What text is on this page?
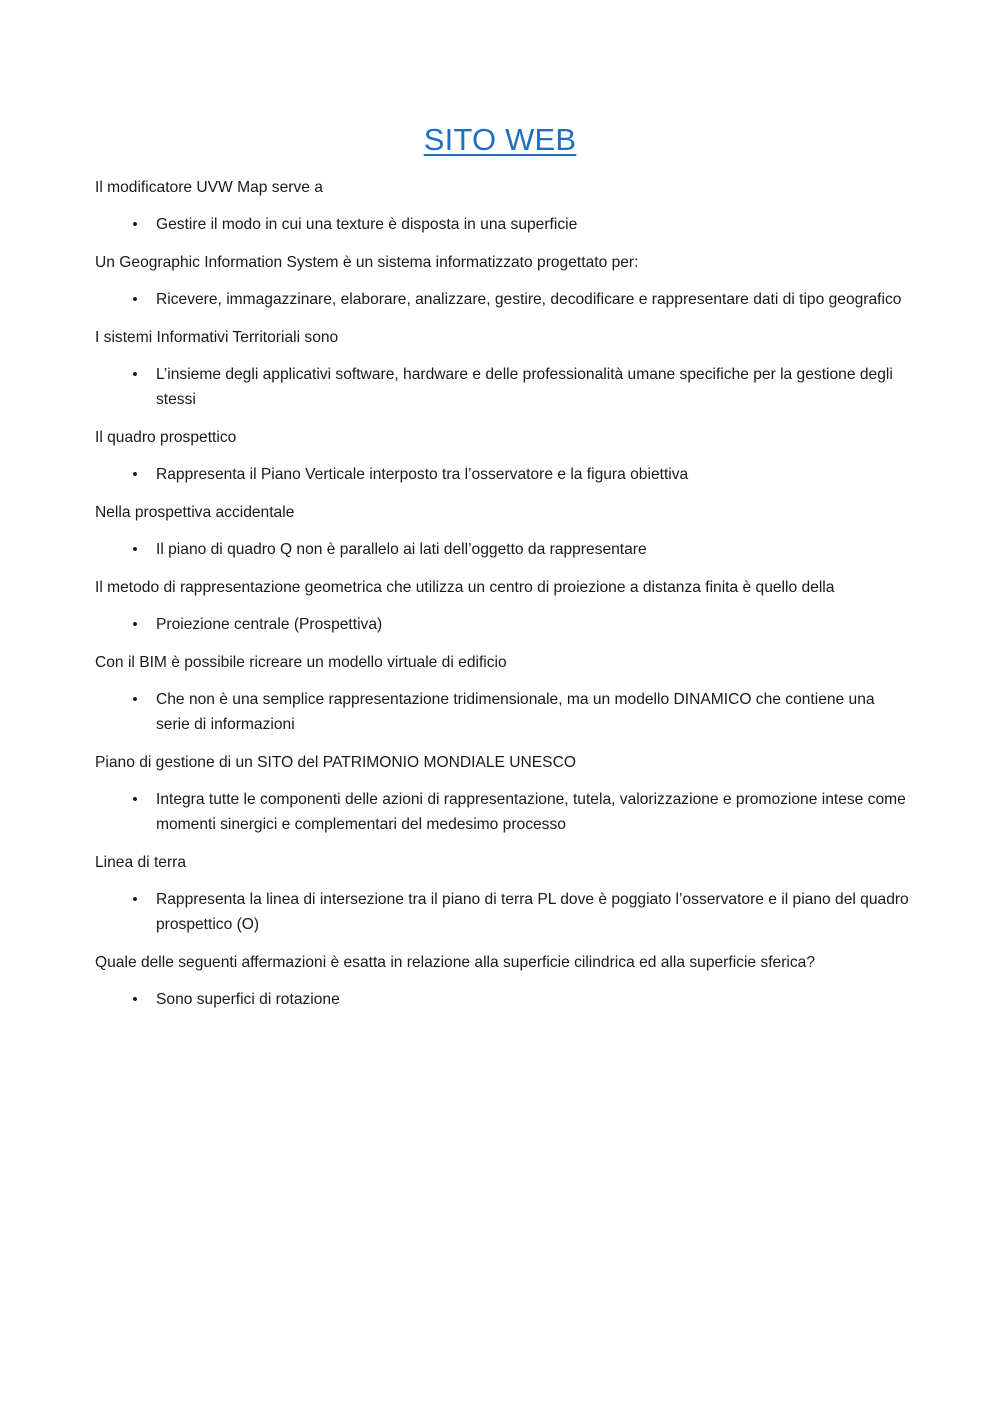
SITO WEB

Il modificatore UVW Map serve a

•	Gestire il modo in cui una texture è disposta in una superficie

Un Geographic Information System è un sistema informatizzato progettato per:

•	Ricevere, immagazzinare, elaborare, analizzare, gestire, decodificare e rappresentare dati di tipo geografico

I sistemi Informativi Territoriali sono

•	L’insieme degli applicativi software, hardware e delle professionalità umane specifiche per la gestione degli stessi

Il quadro prospettico

•	Rappresenta il Piano Verticale interposto tra l’osservatore e la figura obiettiva

Nella prospettiva accidentale

•	Il piano di quadro Q non è parallelo ai lati dell’oggetto da rappresentare

Il metodo di rappresentazione geometrica che utilizza un centro di proiezione a distanza finita è quello della

•	Proiezione centrale (Prospettiva)

Con il BIM è possibile ricreare un modello virtuale di edificio

•	Che non è una semplice rappresentazione tridimensionale, ma un modello DINAMICO che contiene una serie di informazioni

Piano di gestione di un SITO del PATRIMONIO MONDIALE UNESCO

•	Integra tutte le componenti delle azioni di rappresentazione, tutela, valorizzazione e promozione intese come momenti sinergici e complementari del medesimo processo

Linea di terra

•	Rappresenta la linea di intersezione tra il piano di terra PL dove è poggiato l’osservatore e il piano del quadro prospettico (O)

Quale delle seguenti affermazioni è esatta in relazione alla superficie cilindrica ed alla superficie sferica?

•	Sono superfici di rotazione
